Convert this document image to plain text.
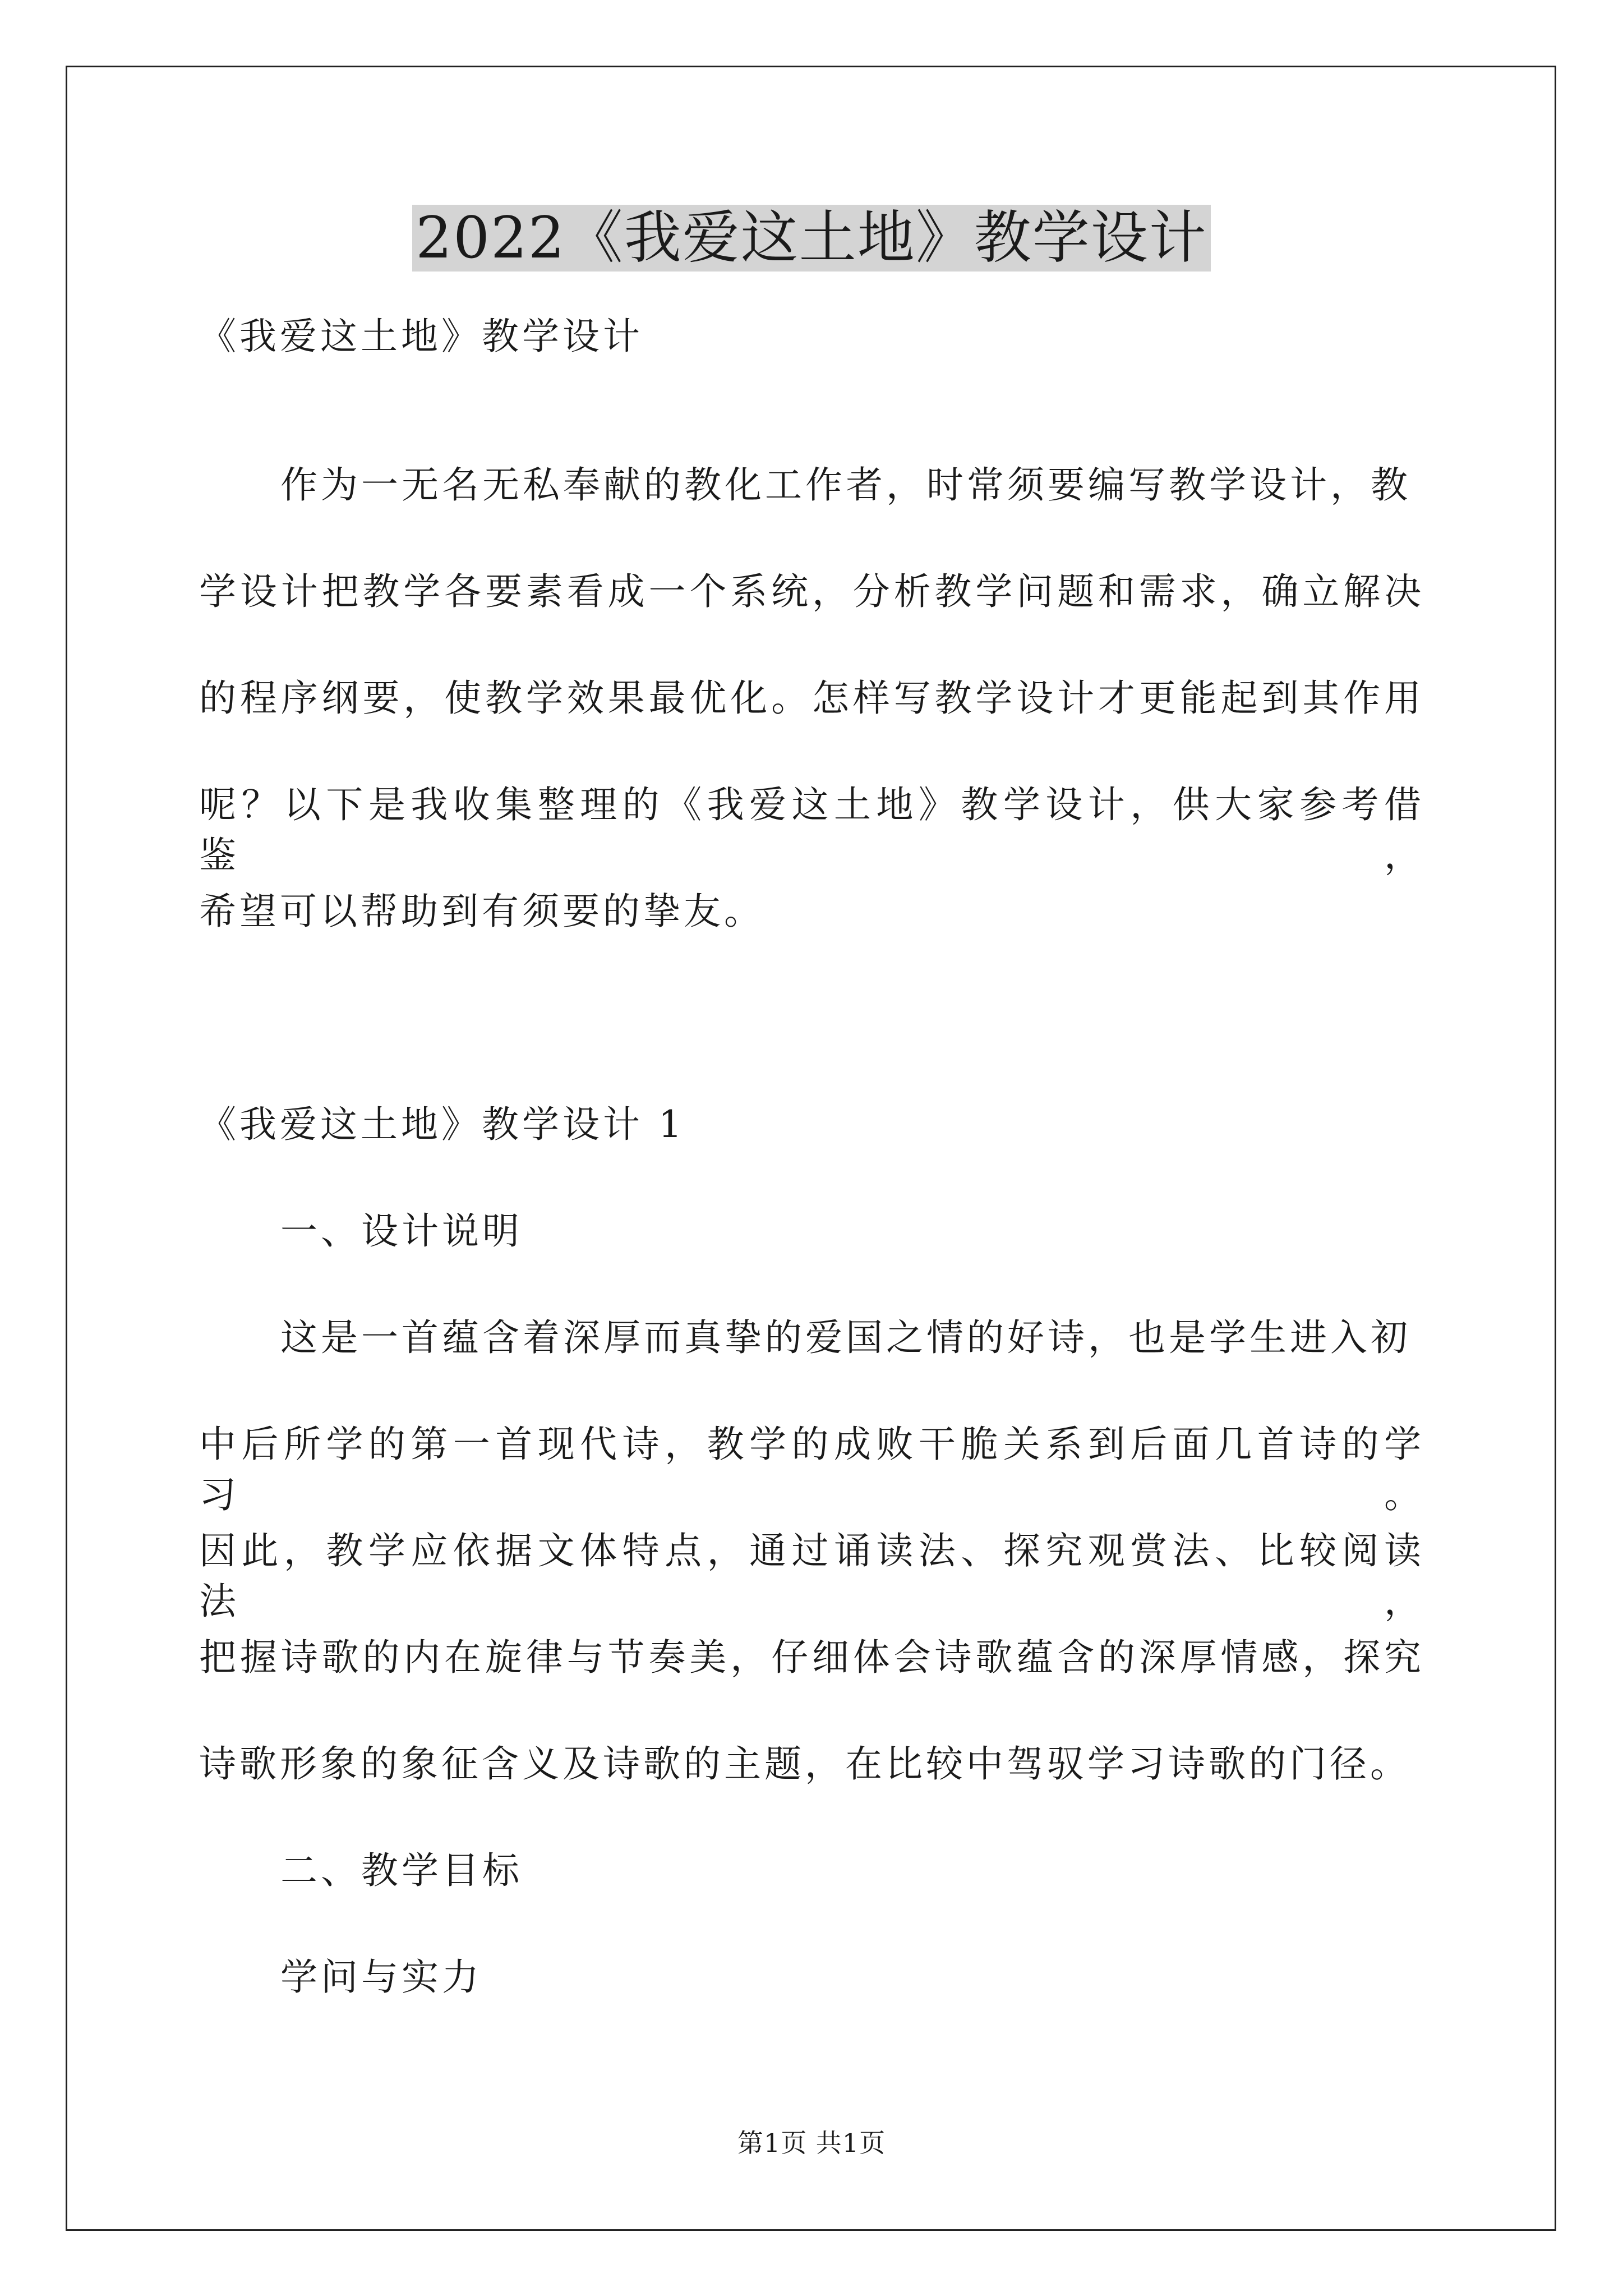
2022《我爱这土地》教学设计
《我爱这土地》教学设计
作为一无名无私奉献的教化工作者，时常须要编写教学设计，教
学设计把教学各要素看成一个系统，分析教学问题和需求，确立解决
的程序纲要，使教学效果最优化。怎样写教学设计才更能起到其作用
呢？以下是我收集整理的《我爱这土地》教学设计，供大家参考借鉴，
希望可以帮助到有须要的挚友。
《我爱这土地》教学设计 1
一、设计说明
这是一首蕴含着深厚而真挚的爱国之情的好诗，也是学生进入初
中后所学的第一首现代诗，教学的成败干脆关系到后面几首诗的学习。
因此，教学应依据文体特点，通过诵读法、探究观赏法、比较阅读法，
把握诗歌的内在旋律与节奏美，仔细体会诗歌蕴含的深厚情感，探究
诗歌形象的象征含义及诗歌的主题，在比较中驾驭学习诗歌的门径。
二、教学目标
学问与实力
第1页 共1页
